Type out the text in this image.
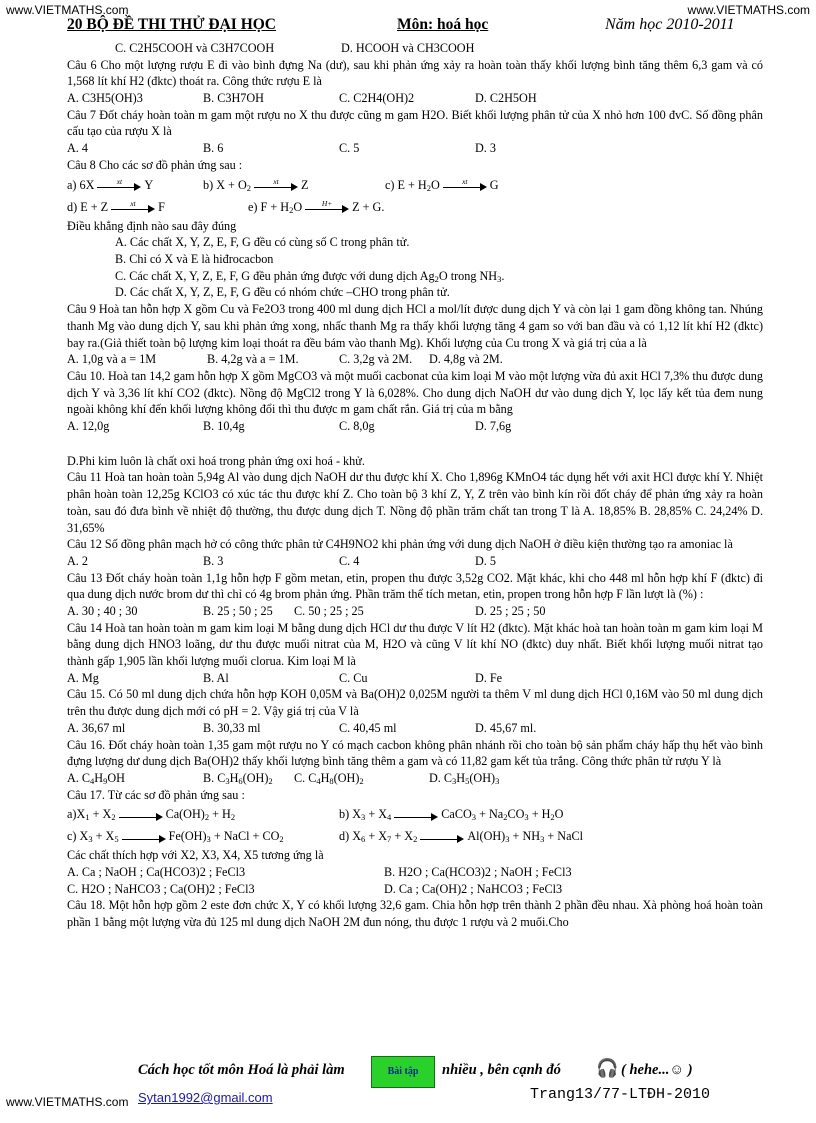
www.VIETMATHS.com	www.VIETMATHS.com
20 BỘ ĐỀ THI THỬ ĐẠI HỌC	Môn: hoá học	Năm học 2010-2011
C. C2H5COOH và C3H7COOH	D. HCOOH và CH3COOH

Câu 6 Cho một lượng rượu E đi vào bình đựng Na (dư), sau khi phản ứng xảy ra hoàn toàn thấy khối lượng bình tăng thêm 6,3 gam và có 1,568 lít khí H2 (đktc) thoát ra. Công thức rượu E là

A. C3H5(OH)3	B. C3H7OH	C. C2H4(OH)2	D. C2H5OH

Câu 7 Đốt cháy hoàn toàn m gam một rượu no X thu được cũng m gam H2O. Biết khối lượng phân tử của X nhỏ hơn 100 đvC. Số đồng phân cấu tạo của rượu X là

A. 4	B. 6	C. 5	D. 3

Câu 8 Cho các sơ đồ phản ứng sau :

a) 6X	xt	Y	b) $X + O_2$
xt	Z	c) $E + H_2O$	xt	G
d) E + Z	xt	F	e) $F + H_2O$	H+	Z + G.

Điều khẳng định nào sau đây đúng

A. Các chất X, Y, Z, E, F, G đều có cùng số C trong phân tử.

B. Chỉ có X và E là hiđrocacbon

C. Các chất X, Y, Z, E, F, G đều phản ứng được với dung dịch $Ag_2O$ trong $NH_3$.

D. Các chất X, Y, Z, E, F, G đều có nhóm chức –CHO trong phân tử.

Câu 9 Hoà tan hỗn hợp X gồm Cu và Fe2O3 trong 400 ml dung dịch HCl a mol/lít được dung dịch Y và còn lại 1 gam đồng không tan. Nhúng thanh Mg vào dung dịch Y, sau khi phản ứng xong, nhấc thanh Mg ra thấy khối lượng tăng 4 gam so với ban đầu và có 1,12 lít khí H2 (đktc) bay ra.(Giả thiết toàn bộ lượng kim loại thoát ra đều bám vào thanh Mg). Khối lượng của Cu trong X và giá trị của a là

A. 1,0g và a = 1M	B. 4,2g và a = 1M.	C. 3,2g và 2M. D. 4,8g và 2M.

Câu 10. Hoà tan 14,2 gam hỗn hợp X gồm MgCO3 và một muối cacbonat của kim loại M vào một lượng vừa đủ axit HCl 7,3% thu được dung dịch Y và 3,36 lít khí CO2 (đktc). Nồng độ MgCl2 trong Y là 6,028%. Cho dung dịch NaOH dư vào dung dịch Y, lọc lấy kết tủa đem nung ngoài không khí đến khối lượng không đổi thì thu được m gam chất rắn. Giá trị của m bằng

A. 12,0g	B. 10,4g	C. 8,0g	D. 7,6g

D.Phi kim luôn là chất oxi hoá trong phản ứng oxi hoá - khử.

Câu 11 Hoà tan hoàn toàn 5,94g Al vào dung dịch NaOH dư thu được khí X. Cho 1,896g KMnO4 tác dụng hết với axit HCl được khí Y. Nhiệt phân hoàn toàn 12,25g KClO3 có xúc tác thu được khí Z. Cho toàn bộ 3 khí Z, Y, Z trên vào bình kín rồi đốt cháy để phản ứng xảy ra hoàn toàn, sau đó đưa bình về nhiệt độ thường, thu được dung dịch T. Nồng độ phần trăm chất tan trong T là A. 18,85% B. 28,85% C. 24,24% D. 31,65%

Câu 12 Số đồng phân mạch hở có công thức phân tử C4H9NO2 khi phản ứng với dung dịch NaOH ở điều kiện thường tạo ra amoniac là

A. 2	B. 3	C. 4	D. 5

Câu 13 Đốt cháy hoàn toàn 1,1g hỗn hợp F gồm metan, etin, propen thu được 3,52g CO2. Mặt khác, khi cho 448 ml hỗn hợp khí F (đktc) đi qua dung dịch nước brom dư thì chỉ có 4g brom phản ứng. Phần trăm thể tích metan, etin, propen trong hỗn hợp F lần lượt là (%) :

A. 30 ; 40 ; 30	B. 25 ; 50 ; 25 C. 50 ; 25 ; 25	D. 25 ; 25 ; 50

Câu 14 Hoà tan hoàn toàn m gam kim loại M bằng dung dịch HCl dư thu được V lít H2 (đktc). Mặt khác hoà tan hoàn toàn m gam kim loại M bằng dung dịch HNO3 loãng, dư thu được muối nitrat của M, H2O và cũng V lít khí NO (đktc) duy nhất. Biết khối lượng muối nitrat tạo thành gấp 1,905 lần khối lượng muối clorua. Kim loại M là

A. Mg	B. Al	C. Cu	D. Fe

Câu 15. Có 50 ml dung dịch chứa hỗn hợp KOH 0,05M và Ba(OH)2 0,025M người ta thêm V ml dung dịch HCl 0,16M vào 50 ml dung dịch trên thu được dung dịch mới có pH = 2. Vậy giá trị của V là

A. 36,67 ml	B. 30,33 ml	C. 40,45 ml	D. 45,67 ml.

Câu 16. Đốt cháy hoàn toàn 1,35 gam một rượu no Y có mạch cacbon không phân nhánh rồi cho toàn bộ sản phẩm cháy hấp thụ hết vào bình đựng lượng dư dung dịch Ba(OH)2 thấy khối lượng bình tăng thêm a gam và có 11,82 gam kết tủa trắng. Công thức phân tử rượu Y là

A. $C_4H_9OH$	B. $C_3H_6(OH)_2$ C. $C_4H_8(OH)_2$	D. $C_3H_5(OH)_3$

Câu 17. Từ các sơ đồ phản ứng sau :

$a)X_1 + X_2$	$Ca(OH)_2 + H_2$	b) $X_3 + X_4$	CaCO$_3$ + $Na_2CO_3 + H_2O$
c) $X_3 + X_5$	$Fe(OH)_3$ + NaCl + $CO_2$	d) $X_6 + X_7 + X_2$	$Al(OH)_3 + NH_3$ + NaCl

Các chất thích hợp với X2, X3, X4, X5 tương ứng là

A. Ca ; NaOH ; Ca(HCO3)2 ; FeCl3	B. H2O ; Ca(HCO3)2 ; NaOH ; FeCl3
C. H2O ; NaHCO3 ; Ca(OH)2 ; FeCl3	D. Ca ; Ca(OH)2 ; NaHCO3 ; FeCl3

Câu 18. Một hỗn hợp gồm 2 este đơn chức X, Y có khối lượng 32,6 gam. Chia hỗn hợp trên thành 2 phần đều nhau. Xà phòng hoá hoàn toàn phần 1 bằng một lượng vừa đủ 125 ml dung dịch NaOH 2M đun nóng, thu được 1 rượu và 2 muối.Cho

Cách học tốt môn Hoá là phải làm	Bài tập	nhiều , bên cạnh đó 🎧 ( hehe...☺ )
Sytan1992@gmail.com	Trang13/77-LTĐH-2010
www.VIETMATHS.com
